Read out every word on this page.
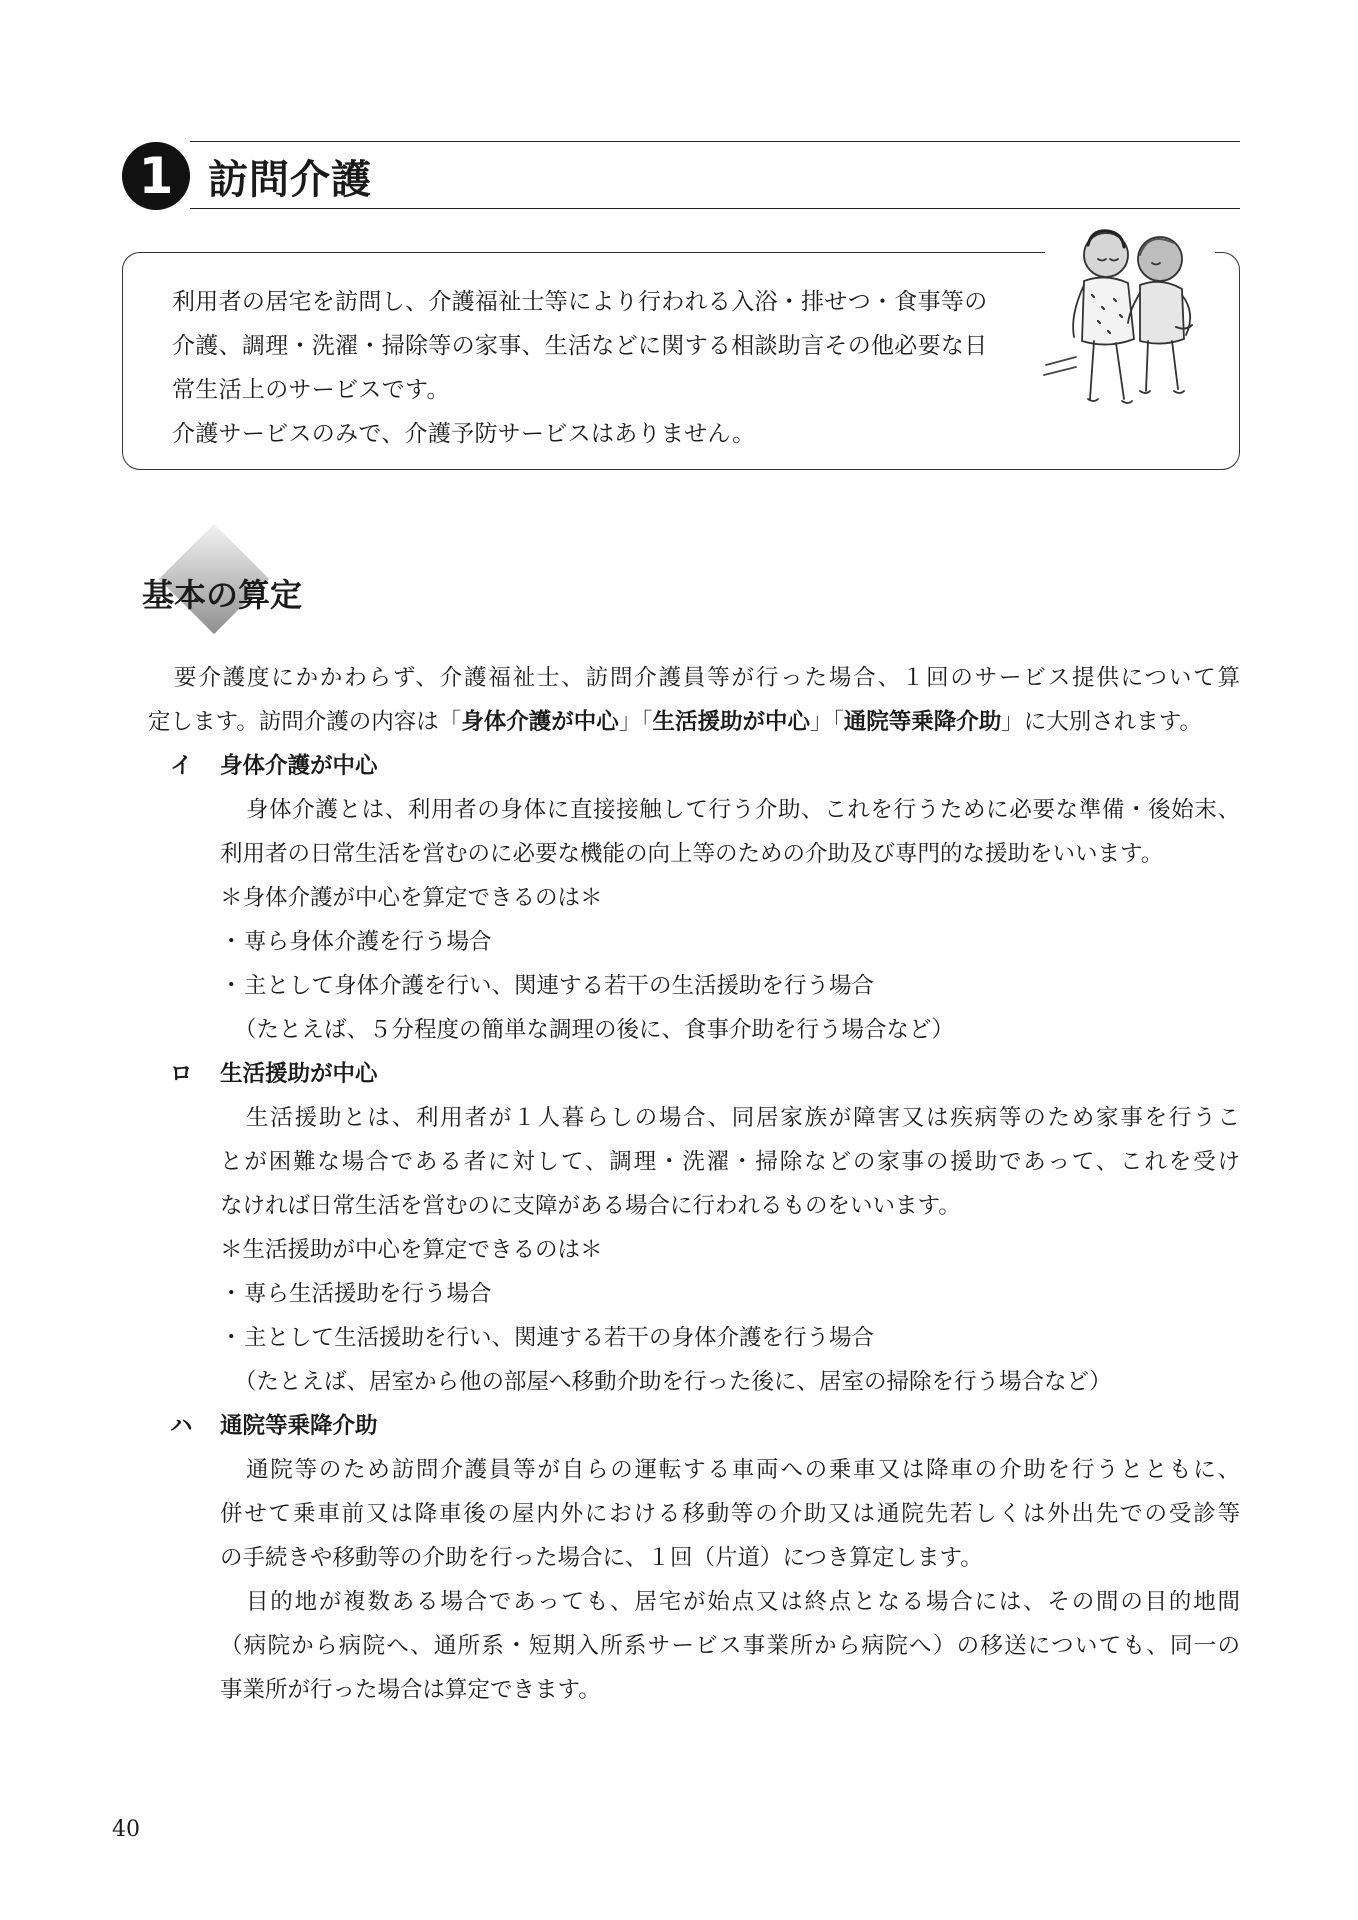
1 訪問介護

利用者の居宅を訪問し、介護福祉士等により行われる入浴・排せつ・食事等の

介護、調理・洗濯・掃除等の家事、生活などに関する相談助言その他必要な日

常生活上のサービスです。

介護サービスのみで、介護予防サービスはありません。

基本の算定
要介護度にかかわらず、介護福祉士、訪問介護員等が行った場合、１回のサービス提供について算
定します。訪問介護の内容は「身体介護が中心」「生活援助が中心」「通院等乗降介助」に大別されます。
イ 身体介護が中心
身体介護とは、利用者の身体に直接接触して行う介助、これを行うために必要な準備・後始末、
利用者の日常生活を営むのに必要な機能の向上等のための介助及び専門的な援助をいいます。
＊身体介護が中心を算定できるのは＊
・専ら身体介護を行う場合
・主として身体介護を行い、関連する若干の生活援助を行う場合
（たとえば、５分程度の簡単な調理の後に、食事介助を行う場合など）
ロ 生活援助が中心
生活援助とは、利用者が１人暮らしの場合、同居家族が障害又は疾病等のため家事を行うこ
とが困難な場合である者に対して、調理・洗濯・掃除などの家事の援助であって、これを受け
なければ日常生活を営むのに支障がある場合に行われるものをいいます。
＊生活援助が中心を算定できるのは＊
・専ら生活援助を行う場合
・主として生活援助を行い、関連する若干の身体介護を行う場合
（たとえば、居室から他の部屋へ移動介助を行った後に、居室の掃除を行う場合など）
ハ 通院等乗降介助
通院等のため訪問介護員等が自らの運転する車両への乗車又は降車の介助を行うとともに、
併せて乗車前又は降車後の屋内外における移動等の介助又は通院先若しくは外出先での受診等
の手続きや移動等の介助を行った場合に、１回（片道）につき算定します。
目的地が複数ある場合であっても、居宅が始点又は終点となる場合には、その間の目的地間
（病院から病院へ、通所系・短期入所系サービス事業所から病院へ）の移送についても、同一の
事業所が行った場合は算定できます。
40
